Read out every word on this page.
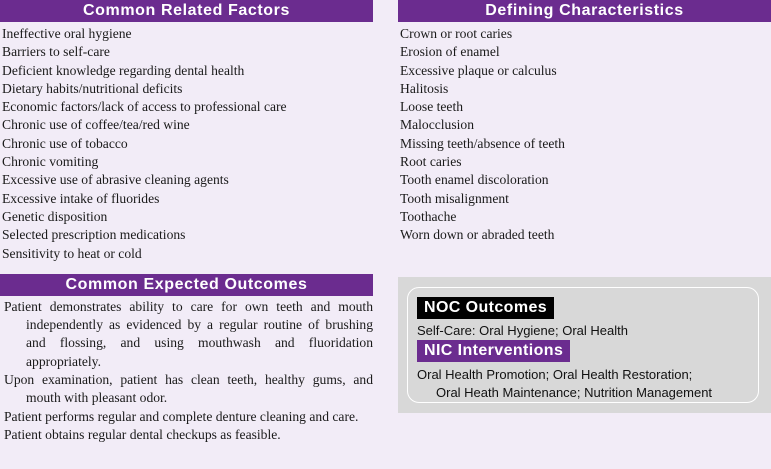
Common Related Factors
Ineffective oral hygiene
Barriers to self-care
Deficient knowledge regarding dental health
Dietary habits/nutritional deficits
Economic factors/lack of access to professional care
Chronic use of coffee/tea/red wine
Chronic use of tobacco
Chronic vomiting
Excessive use of abrasive cleaning agents
Excessive intake of fluorides
Genetic disposition
Selected prescription medications
Sensitivity to heat or cold
Common Expected Outcomes
Patient demonstrates ability to care for own teeth and mouth independently as evidenced by a regular routine of brushing and flossing, and using mouthwash and fluoridation appropriately.
Upon examination, patient has clean teeth, healthy gums, and mouth with pleasant odor.
Patient performs regular and complete denture cleaning and care.
Patient obtains regular dental checkups as feasible.
Defining Characteristics
Crown or root caries
Erosion of enamel
Excessive plaque or calculus
Halitosis
Loose teeth
Malocclusion
Missing teeth/absence of teeth
Root caries
Tooth enamel discoloration
Tooth misalignment
Toothache
Worn down or abraded teeth
NOC Outcomes
Self-Care: Oral Hygiene; Oral Health
NIC Interventions
Oral Health Promotion; Oral Health Restoration;
Oral Heath Maintenance; Nutrition Management
